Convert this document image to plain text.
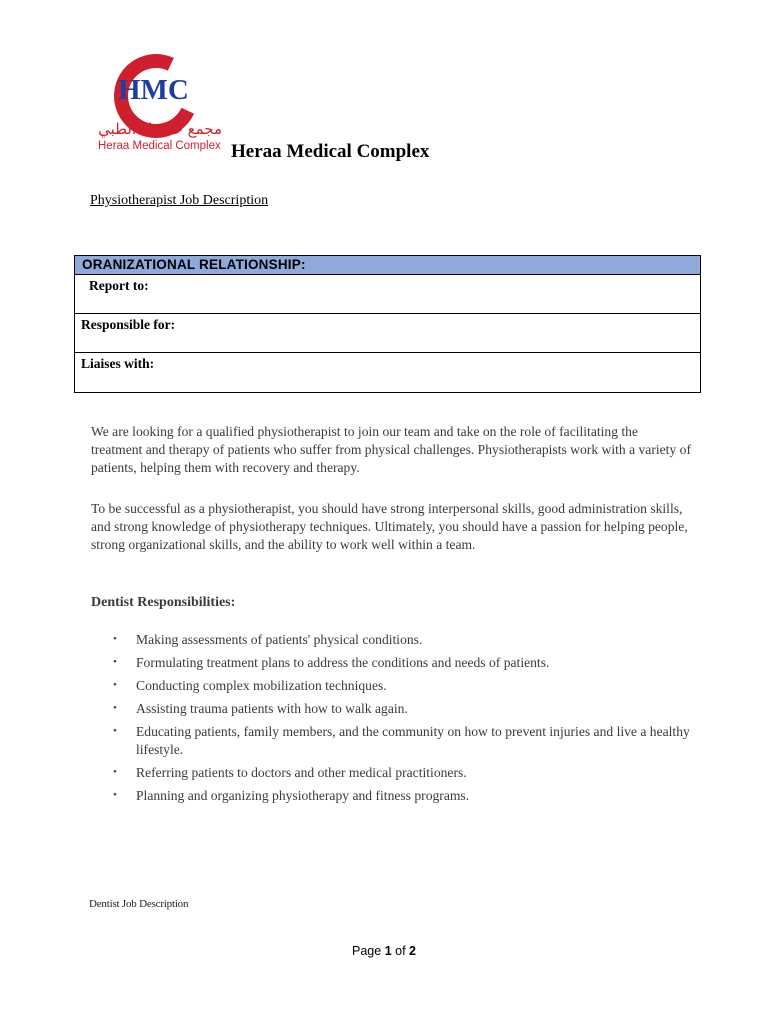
HMC
مجمع حـــراء الطبي
Heraa Medical Complex Heraa Medical Complex
Physiotherapist Job Description
ORANIZATIONAL RELATIONSHIP:
Report to:
Responsible for:
Liaises with:

We are looking for a qualified physiotherapist to join our team and take on the role of facilitating the treatment and therapy of patients who suffer from physical challenges. Physiotherapists work with a variety of patients, helping them with recovery and therapy.

To be successful as a physiotherapist, you should have strong interpersonal skills, good administration skills, and strong knowledge of physiotherapy techniques. Ultimately, you should have a passion for helping people, strong organizational skills, and the ability to work well within a team.

Dentist Responsibilities:
• Making assessments of patients' physical conditions.
• Formulating treatment plans to address the conditions and needs of patients.
• Conducting complex mobilization techniques.
• Assisting trauma patients with how to walk again.
• Educating patients, family members, and the community on how to prevent injuries and live a healthy lifestyle.
• Referring patients to doctors and other medical practitioners.
• Planning and organizing physiotherapy and fitness programs.
Dentist Job Description
Page 1 of 2
